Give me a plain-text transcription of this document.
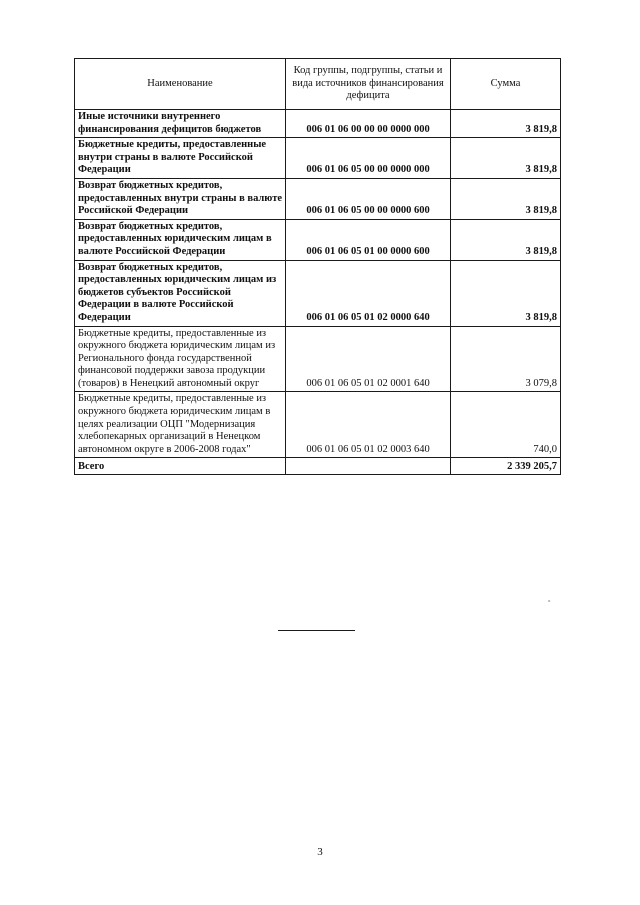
Наименование	Код группы, подгруппы, статьи и вида источников финансирования дефицита	Сумма
Иные источники внутреннего финансирования дефицитов бюджетов	006 01 06 00 00 00 0000 000	3 819,8
Бюджетные кредиты, предоставленные внутри страны в валюте Российской Федерации	006 01 06 05 00 00 0000 000	3 819,8
Возврат бюджетных кредитов, предоставленных внутри страны в валюте Российской Федерации	006 01 06 05 00 00 0000 600	3 819,8
Возврат бюджетных кредитов, предоставленных юридическим лицам в валюте Российской Федерации	006 01 06 05 01 00 0000 600	3 819,8
Возврат бюджетных кредитов, предоставленных юридическим лицам из бюджетов субъектов Российской Федерации в валюте Российской Федерации	006 01 06 05 01 02 0000 640	3 819,8
Бюджетные кредиты, предоставленные из окружного бюджета юридическим лицам из Регионального фонда государственной финансовой поддержки завоза продукции (товаров) в Ненецкий автономный округ	006 01 06 05 01 02 0001 640	3 079,8
Бюджетные кредиты, предоставленные из окружного бюджета юридическим лицам в целях реализации ОЦП "Модернизация хлебопекарных организаций в Ненецком автономном округе в 2006-2008 годах"	006 01 06 05 01 02 0003 640	740,0
Всего		2 339 205,7
»
3
